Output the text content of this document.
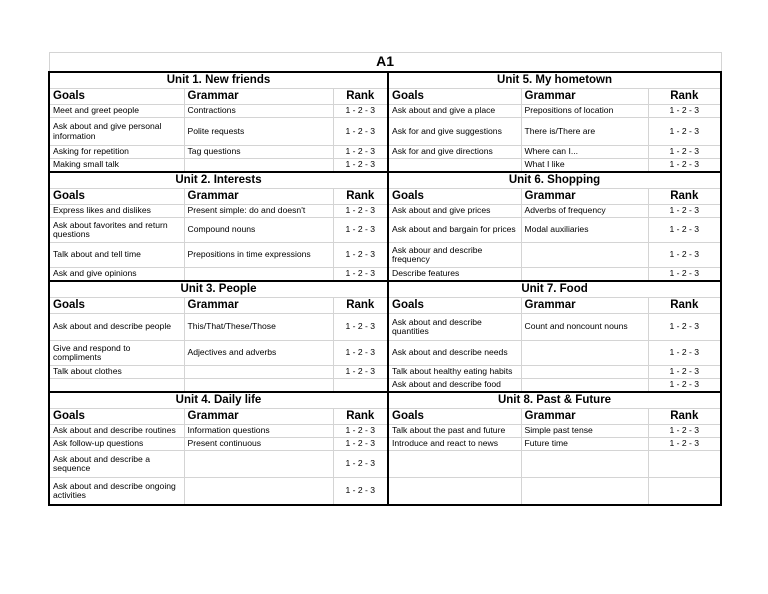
A1					
Unit 1. New friends			Unit 5. My hometown		
Goals	Grammar	Rank	Goals	Grammar	Rank
Meet and greet people	Contractions	1 - 2 - 3	Ask about and give a place	Prepositions of location	1 - 2 - 3
Ask about and give personal information	Polite requests	1 - 2 - 3	Ask for and give suggestions	There is/There are	1 - 2 - 3
Asking for repetition	Tag questions	1 - 2 - 3	Ask for and give directions	Where can I...	1 - 2 - 3
Making small talk		1 - 2 - 3		What I like	1 - 2 - 3
Unit 2. Interests			Unit 6. Shopping		
Goals	Grammar	Rank	Goals	Grammar	Rank
Express likes and dislikes	Present simple: do and doesn't	1 - 2 - 3	Ask about and give prices	Adverbs of frequency	1 - 2 - 3
Ask about favorites and return questions	Compound nouns	1 - 2 - 3	Ask about and bargain for prices	Modal auxiliaries	1 - 2 - 3
Talk about and tell time	Prepositions in time expressions	1 - 2 - 3	Ask abour and describe frequency		1 - 2 - 3
Ask and give opinions		1 - 2 - 3	Describe features		1 - 2 - 3
Unit 3. People			Unit 7. Food		
Goals	Grammar	Rank	Goals	Grammar	Rank
Ask about and describe people	This/That/These/Those	1 - 2 - 3	Ask about and describe quantities	Count and noncount nouns	1 - 2 - 3
Give and respond to compliments	Adjectives and adverbs	1 - 2 - 3	Ask about and describe needs		1 - 2 - 3
Talk about clothes		1 - 2 - 3	Talk about healthy eating habits		1 - 2 - 3
			Ask about and describe food		1 - 2 - 3
Unit 4. Daily life			Unit 8. Past & Future		
Goals	Grammar	Rank	Goals	Grammar	Rank
Ask about and describe routines	Information questions	1 - 2 - 3	Talk about the past and future	Simple past tense	1 - 2 - 3
Ask follow-up questions	Present continuous	1 - 2 - 3	Introduce and react to news	Future time	1 - 2 - 3
Ask about and describe a sequence		1 - 2 - 3			
Ask about and describe ongoing activities		1 - 2 - 3			
